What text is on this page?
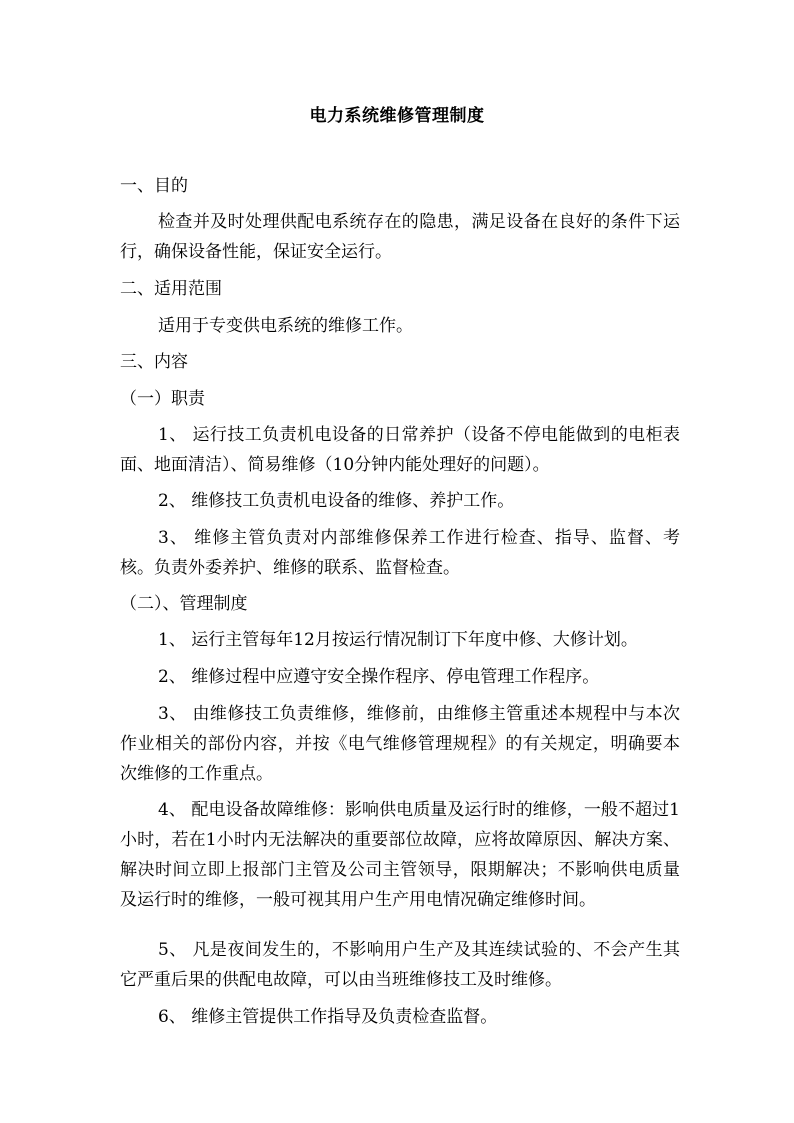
电力系统维修管理制度
一、目的
检查并及时处理供配电系统存在的隐患，满足设备在良好的条件下运行，确保设备性能，保证安全运行。
二、适用范围
适用于专变供电系统的维修工作。
三、内容
（一）职责
1、 运行技工负责机电设备的日常养护（设备不停电能做到的电柜表面、地面清洁）、简易维修（10分钟内能处理好的问题）。
2、 维修技工负责机电设备的维修、养护工作。
3、 维修主管负责对内部维修保养工作进行检查、指导、监督、考核。负责外委养护、维修的联系、监督检查。
（二）、管理制度
1、 运行主管每年12月按运行情况制订下年度中修、大修计划。
2、 维修过程中应遵守安全操作程序、停电管理工作程序。
3、 由维修技工负责维修，维修前，由维修主管重述本规程中与本次作业相关的部份内容，并按《电气维修管理规程》的有关规定，明确要本次维修的工作重点。
4、 配电设备故障维修：影响供电质量及运行时的维修，一般不超过1小时，若在1小时内无法解决的重要部位故障，应将故障原因、解决方案、解决时间立即上报部门主管及公司主管领导，限期解决；不影响供电质量及运行时的维修，一般可视其用户生产用电情况确定维修时间。
5、 凡是夜间发生的，不影响用户生产及其连续试验的、不会产生其它严重后果的供配电故障，可以由当班维修技工及时维修。
6、 维修主管提供工作指导及负责检查监督。
